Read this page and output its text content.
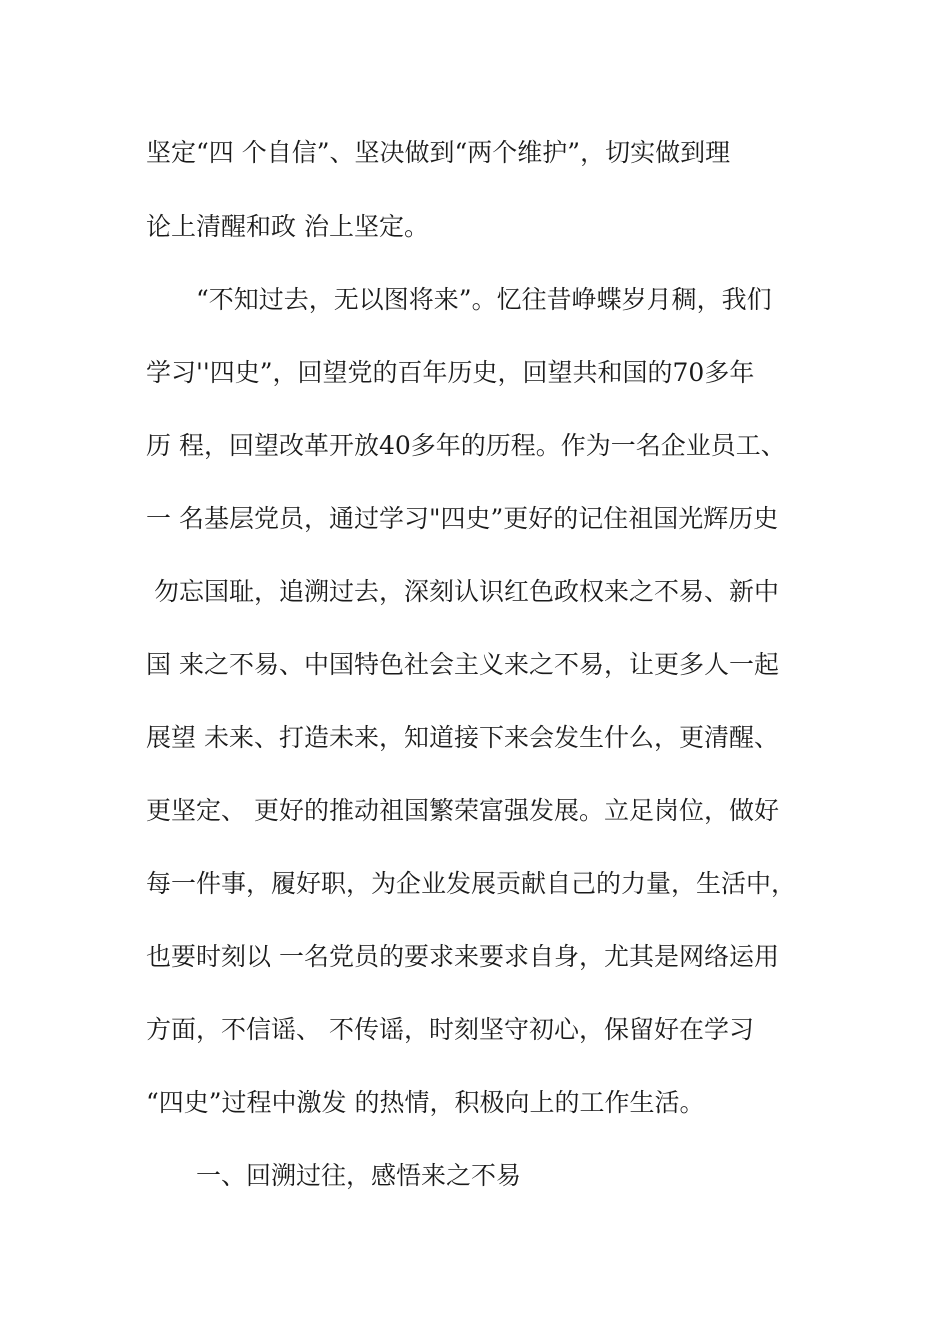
坚定“四 个自信”、坚决做到“两个维护”，切实做到理

论上清醒和政 治上坚定。

　　“不知过去，无以图将来”。忆往昔峥蝶岁月稠，我们

学习''四史”，回望党的百年历史，回望共和国的70多年

历 程，回望改革开放40多年的历程。作为一名企业员工、

一 名基层党员，通过学习"四史”更好的记住祖国光辉历史

勿忘国耻，追溯过去，深刻认识红色政权来之不易、新中

国 来之不易、中国特色社会主义来之不易，让更多人一起

展望 未来、打造未来，知道接下来会发生什么，更清醒、

更坚定、 更好的推动祖国繁荣富强发展。立足岗位，做好

每一件事，履好职，为企业发展贡献自己的力量，生活中，

也要时刻以 一名党员的要求来要求自身，尤其是网络运用

方面，不信谣、 不传谣，时刻坚守初心，保留好在学习

“四史”过程中激发 的热情，积极向上的工作生活。

一、回溯过往，感悟来之不易
